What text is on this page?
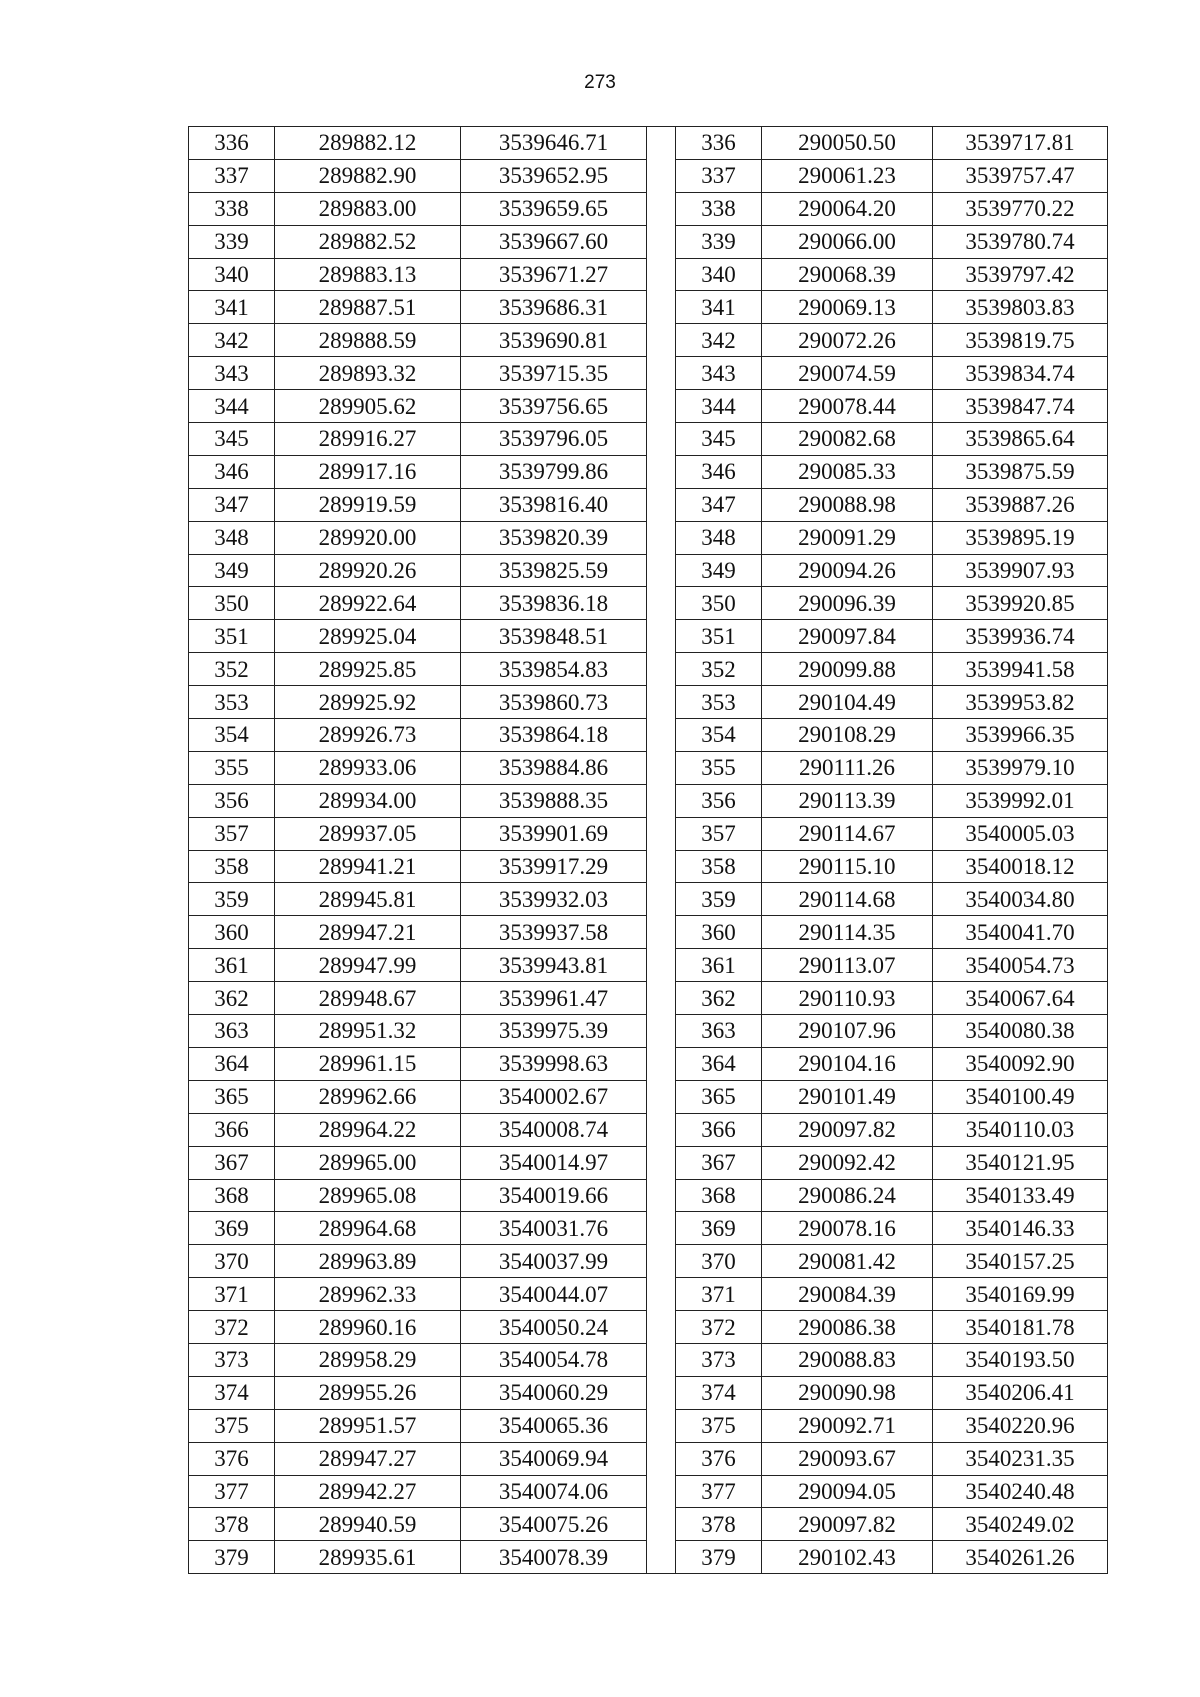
273
336	289882.12	3539646.71		336	290050.50	3539717.81
337	289882.90	3539652.95		337	290061.23	3539757.47
338	289883.00	3539659.65		338	290064.20	3539770.22
339	289882.52	3539667.60		339	290066.00	3539780.74
340	289883.13	3539671.27		340	290068.39	3539797.42
341	289887.51	3539686.31		341	290069.13	3539803.83
342	289888.59	3539690.81		342	290072.26	3539819.75
343	289893.32	3539715.35		343	290074.59	3539834.74
344	289905.62	3539756.65		344	290078.44	3539847.74
345	289916.27	3539796.05		345	290082.68	3539865.64
346	289917.16	3539799.86		346	290085.33	3539875.59
347	289919.59	3539816.40		347	290088.98	3539887.26
348	289920.00	3539820.39		348	290091.29	3539895.19
349	289920.26	3539825.59		349	290094.26	3539907.93
350	289922.64	3539836.18		350	290096.39	3539920.85
351	289925.04	3539848.51		351	290097.84	3539936.74
352	289925.85	3539854.83		352	290099.88	3539941.58
353	289925.92	3539860.73		353	290104.49	3539953.82
354	289926.73	3539864.18		354	290108.29	3539966.35
355	289933.06	3539884.86		355	290111.26	3539979.10
356	289934.00	3539888.35		356	290113.39	3539992.01
357	289937.05	3539901.69		357	290114.67	3540005.03
358	289941.21	3539917.29		358	290115.10	3540018.12
359	289945.81	3539932.03		359	290114.68	3540034.80
360	289947.21	3539937.58		360	290114.35	3540041.70
361	289947.99	3539943.81		361	290113.07	3540054.73
362	289948.67	3539961.47		362	290110.93	3540067.64
363	289951.32	3539975.39		363	290107.96	3540080.38
364	289961.15	3539998.63		364	290104.16	3540092.90
365	289962.66	3540002.67		365	290101.49	3540100.49
366	289964.22	3540008.74		366	290097.82	3540110.03
367	289965.00	3540014.97		367	290092.42	3540121.95
368	289965.08	3540019.66		368	290086.24	3540133.49
369	289964.68	3540031.76		369	290078.16	3540146.33
370	289963.89	3540037.99		370	290081.42	3540157.25
371	289962.33	3540044.07		371	290084.39	3540169.99
372	289960.16	3540050.24		372	290086.38	3540181.78
373	289958.29	3540054.78		373	290088.83	3540193.50
374	289955.26	3540060.29		374	290090.98	3540206.41
375	289951.57	3540065.36		375	290092.71	3540220.96
376	289947.27	3540069.94		376	290093.67	3540231.35
377	289942.27	3540074.06		377	290094.05	3540240.48
378	289940.59	3540075.26		378	290097.82	3540249.02
379	289935.61	3540078.39		379	290102.43	3540261.26
